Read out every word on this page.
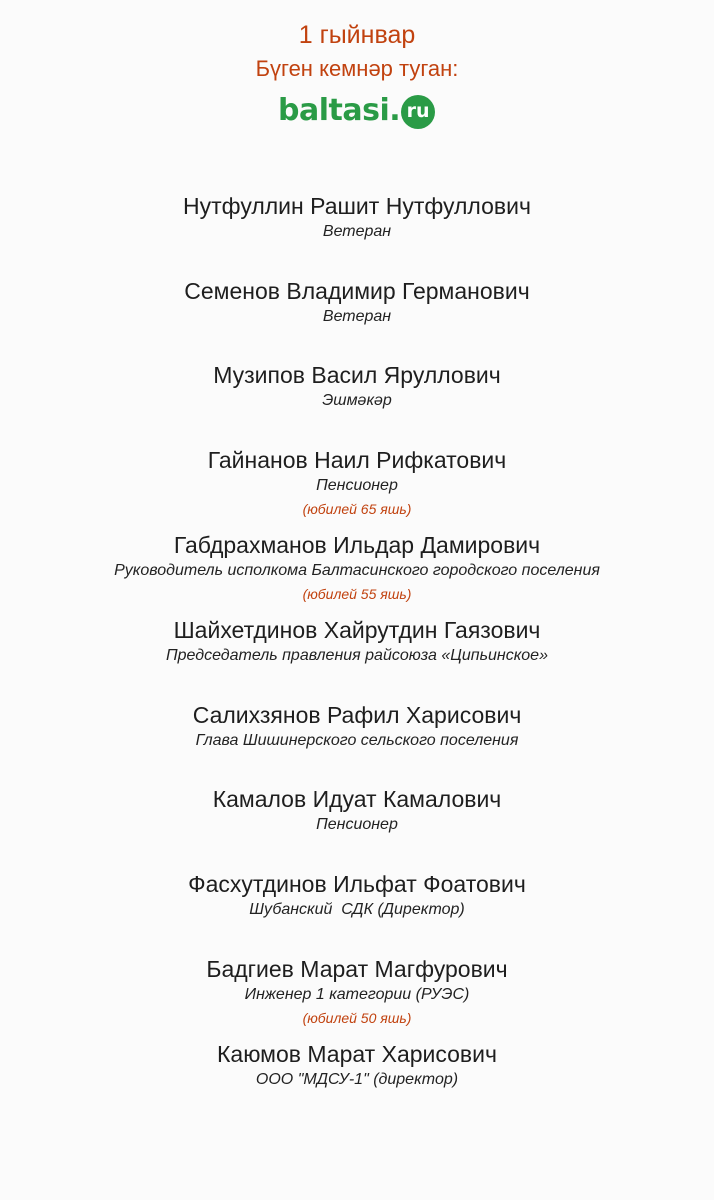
1 гыйнвар
Бүген кемнәр туган:
baltasi. ru
Нутфуллин Рашит Нутфуллович
Ветеран
Семенов Владимир Германович
Ветеран
Музипов Васил Яруллович
Эшмәкәр
Гайнанов Наил Рифкатович
Пенсионер
(юбилей 65 яшь)
Габдрахманов Ильдар Дамирович
Руководитель исполкома Балтасинского городского поселения
(юбилей 55 яшь)
Шайхетдинов Хайрутдин Гаязович
Председатель правления райсоюза «Ципьинское»
Салихзянов Рафил Харисович
Глава Шишинерского сельского поселения
Камалов Идуат Камалович
Пенсионер
Фасхутдинов Ильфат Фоатович
Шубанский  СДК (Директор)
Бадгиев Марат Магфурович
Инженер 1 категории (РУЭС)
(юбилей 50 яшь)
Каюмов Марат Харисович
ООО "МДСУ-1" (директор)
